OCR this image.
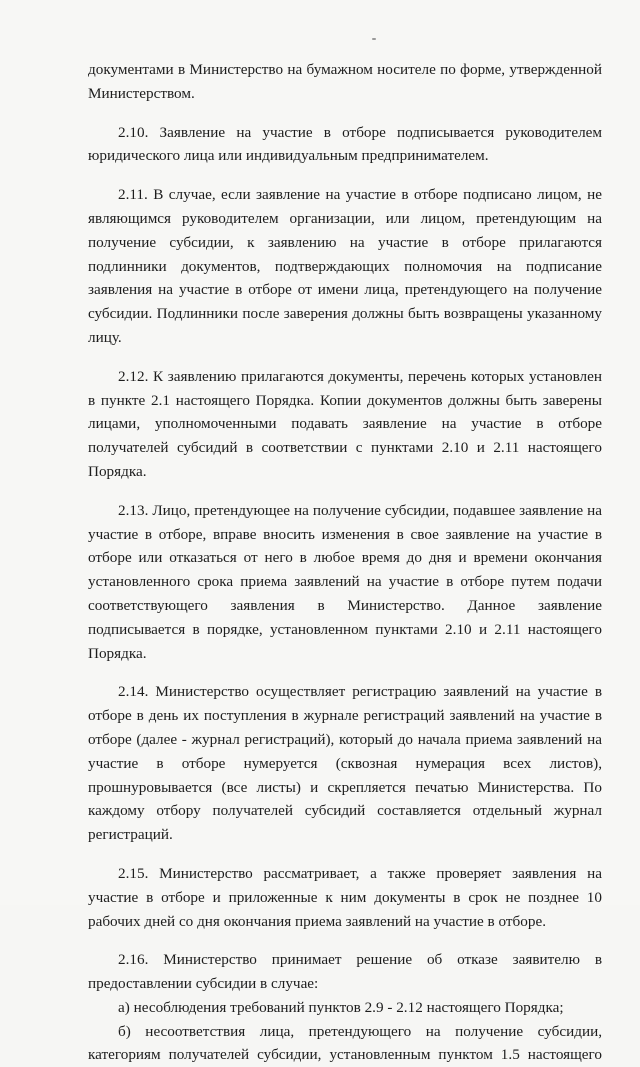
документами в Министерство на бумажном носителе по форме, утвержденной Министерством.

2.10. Заявление на участие в отборе подписывается руководителем юридического лица или индивидуальным предпринимателем.

2.11. В случае, если заявление на участие в отборе подписано лицом, не являющимся руководителем организации, или лицом, претендующим на получение субсидии, к заявлению на участие в отборе прилагаются подлинники документов, подтверждающих полномочия на подписание заявления на участие в отборе от имени лица, претендующего на получение субсидии. Подлинники после заверения должны быть возвращены указанному лицу.

2.12. К заявлению прилагаются документы, перечень которых установлен в пункте 2.1 настоящего Порядка. Копии документов должны быть заверены лицами, уполномоченными подавать заявление на участие в отборе получателей субсидий в соответствии с пунктами 2.10 и 2.11 настоящего Порядка.

2.13. Лицо, претендующее на получение субсидии, подавшее заявление на участие в отборе, вправе вносить изменения в свое заявление на участие в отборе или отказаться от него в любое время до дня и времени окончания установленного срока приема заявлений на участие в отборе путем подачи соответствующего заявления в Министерство. Данное заявление подписывается в порядке, установленном пунктами 2.10 и 2.11 настоящего Порядка.

2.14. Министерство осуществляет регистрацию заявлений на участие в отборе в день их поступления в журнале регистраций заявлений на участие в отборе (далее - журнал регистраций), который до начала приема заявлений на участие в отборе нумеруется (сквозная нумерация всех листов), прошнуровывается (все листы) и скрепляется печатью Министерства. По каждому отбору получателей субсидий составляется отдельный журнал регистраций.

2.15. Министерство рассматривает, а также проверяет заявления на участие в отборе и приложенные к ним документы в срок не позднее 10 рабочих дней со дня окончания приема заявлений на участие в отборе.

2.16. Министерство принимает решение об отказе заявителю в предоставлении субсидии в случае:

а) несоблюдения требований пунктов 2.9 - 2.12 настоящего Порядка;

б) несоответствия лица, претендующего на получение субсидии, категориям получателей субсидии, установленным пунктом 1.5 настоящего
